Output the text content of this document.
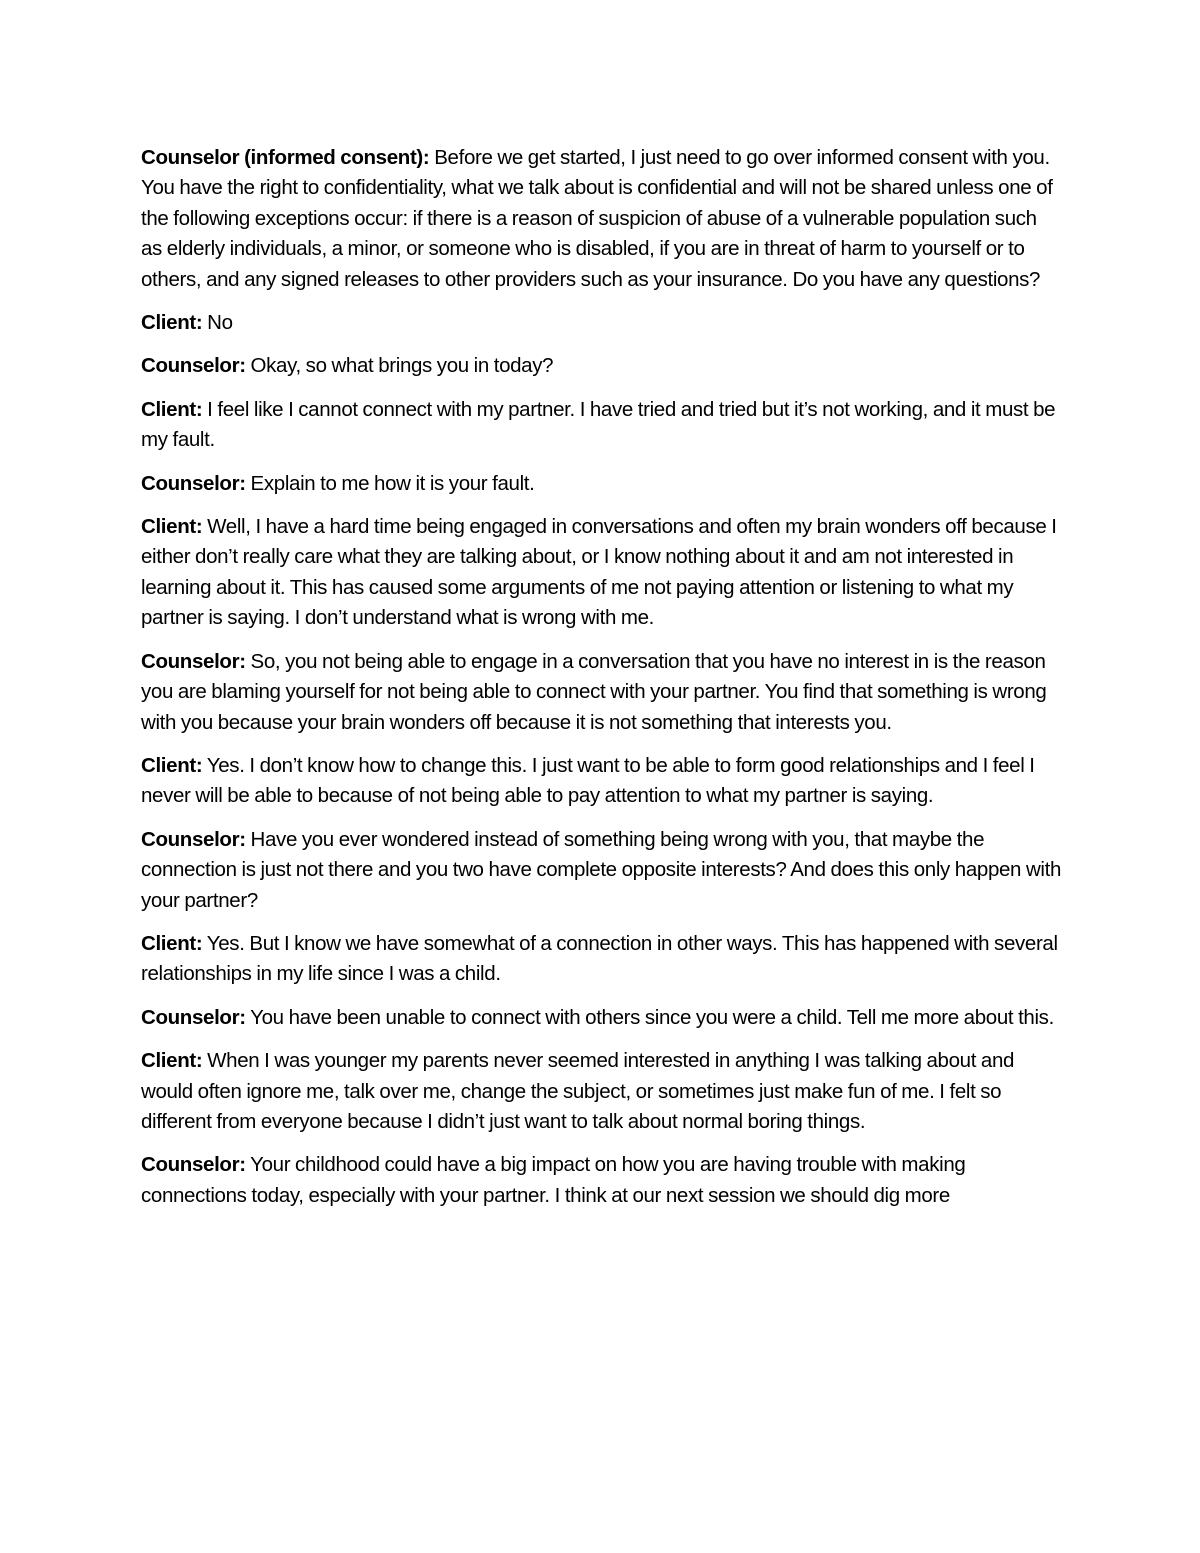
Counselor (informed consent): Before we get started, I just need to go over informed consent with you. You have the right to confidentiality, what we talk about is confidential and will not be shared unless one of the following exceptions occur: if there is a reason of suspicion of abuse of a vulnerable population such as elderly individuals, a minor, or someone who is disabled, if you are in threat of harm to yourself or to others, and any signed releases to other providers such as your insurance. Do you have any questions?

Client: No

Counselor: Okay, so what brings you in today?

Client: I feel like I cannot connect with my partner. I have tried and tried but it’s not working, and it must be my fault.

Counselor: Explain to me how it is your fault.

Client: Well, I have a hard time being engaged in conversations and often my brain wonders off because I either don’t really care what they are talking about, or I know nothing about it and am not interested in learning about it. This has caused some arguments of me not paying attention or listening to what my partner is saying. I don’t understand what is wrong with me.

Counselor: So, you not being able to engage in a conversation that you have no interest in is the reason you are blaming yourself for not being able to connect with your partner. You find that something is wrong with you because your brain wonders off because it is not something that interests you.

Client: Yes. I don’t know how to change this. I just want to be able to form good relationships and I feel I never will be able to because of not being able to pay attention to what my partner is saying.

Counselor: Have you ever wondered instead of something being wrong with you, that maybe the connection is just not there and you two have complete opposite interests? And does this only happen with your partner?

Client: Yes. But I know we have somewhat of a connection in other ways. This has happened with several relationships in my life since I was a child.

Counselor: You have been unable to connect with others since you were a child. Tell me more about this.

Client: When I was younger my parents never seemed interested in anything I was talking about and would often ignore me, talk over me, change the subject, or sometimes just make fun of me. I felt so different from everyone because I didn’t just want to talk about normal boring things.

Counselor: Your childhood could have a big impact on how you are having trouble with making connections today, especially with your partner. I think at our next session we should dig more
